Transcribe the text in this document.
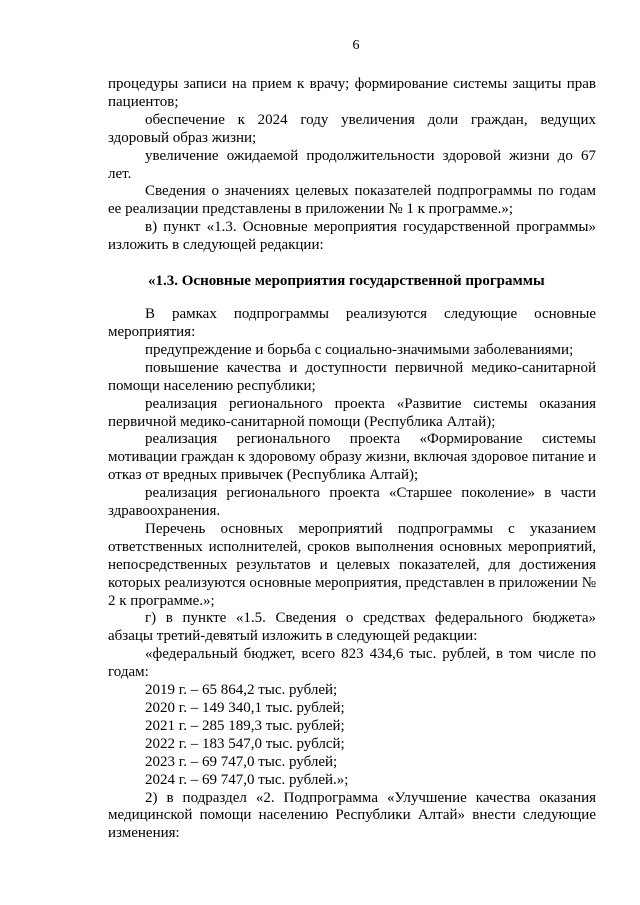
6

процедуры записи на прием к врачу; формирование системы защиты прав пациентов;

обеспечение к 2024 году увеличения доли граждан, ведущих здоровый образ жизни;

увеличение ожидаемой продолжительности здоровой жизни до 67 лет.

Сведения о значениях целевых показателей подпрограммы по годам ее реализации представлены в приложении № 1 к программе.»;

в) пункт «1.3. Основные мероприятия государственной программы» изложить в следующей редакции:

«1.3. Основные мероприятия государственной программы

В рамках подпрограммы реализуются следующие основные мероприятия:

предупреждение и борьба с социально-значимыми заболеваниями;

повышение качества и доступности первичной медико-санитарной помощи населению республики;

реализация регионального проекта «Развитие системы оказания первичной медико-санитарной помощи (Республика Алтай);

реализация регионального проекта «Формирование системы мотивации граждан к здоровому образу жизни, включая здоровое питание и отказ от вредных привычек (Республика Алтай);

реализация регионального проекта «Старшее поколение» в части здравоохранения.

Перечень основных мероприятий подпрограммы с указанием ответственных исполнителей, сроков выполнения основных мероприятий, непосредственных результатов и целевых показателей, для достижения которых реализуются основные мероприятия, представлен в приложении № 2 к программе.»;

г) в пункте «1.5. Сведения о средствах федерального бюджета» абзацы третий-девятый изложить в следующей редакции:

«федеральный бюджет, всего 823 434,6 тыс. рублей, в том числе по годам:

2019 г. – 65 864,2 тыс. рублей;

2020 г. – 149 340,1 тыс. рублей;

2021 г. – 285 189,3 тыс. рублей;

2022 г. – 183 547,0 тыс. рублсй;

2023 г. – 69 747,0 тыс. рублей;

2024 г. – 69 747,0 тыс. рублей.»;

2) в подраздел «2. Подпрограмма «Улучшение качества оказания медицинской помощи населению Республики Алтай» внести следующие изменения:
